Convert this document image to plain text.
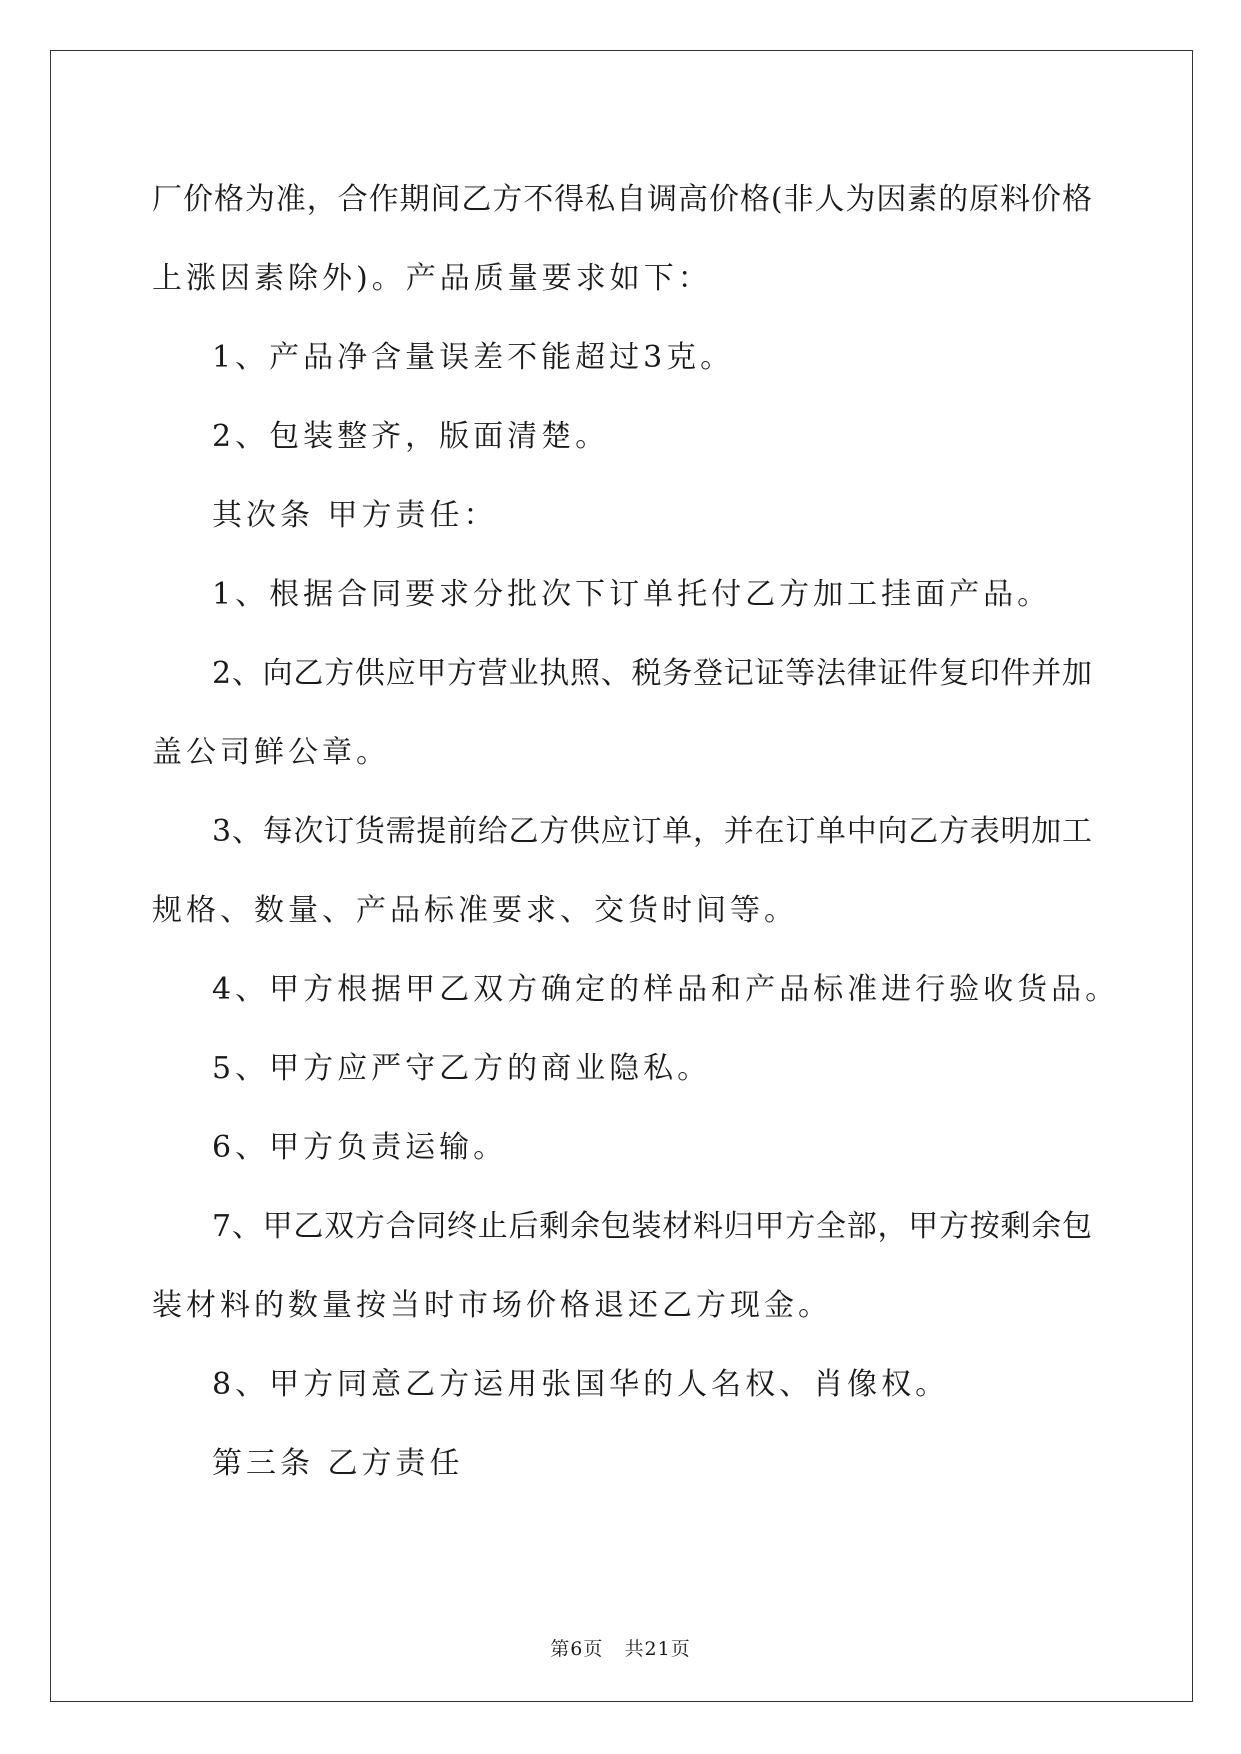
厂价格为准，合作期间乙方不得私自调高价格(非人为因素的原料价格

上涨因素除外)。产品质量要求如下：

1、产品净含量误差不能超过3克。

2、包装整齐，版面清楚。

其次条 甲方责任：

1、根据合同要求分批次下订单托付乙方加工挂面产品。

2、向乙方供应甲方营业执照、税务登记证等法律证件复印件并加

盖公司鲜公章。

3、每次订货需提前给乙方供应订单，并在订单中向乙方表明加工

规格、数量、产品标准要求、交货时间等。

4、甲方根据甲乙双方确定的样品和产品标准进行验收货品。

5、甲方应严守乙方的商业隐私。

6、甲方负责运输。

7、甲乙双方合同终止后剩余包装材料归甲方全部，甲方按剩余包

装材料的数量按当时市场价格退还乙方现金。

8、甲方同意乙方运用张国华的人名权、肖像权。

第三条 乙方责任

第6页 共21页
